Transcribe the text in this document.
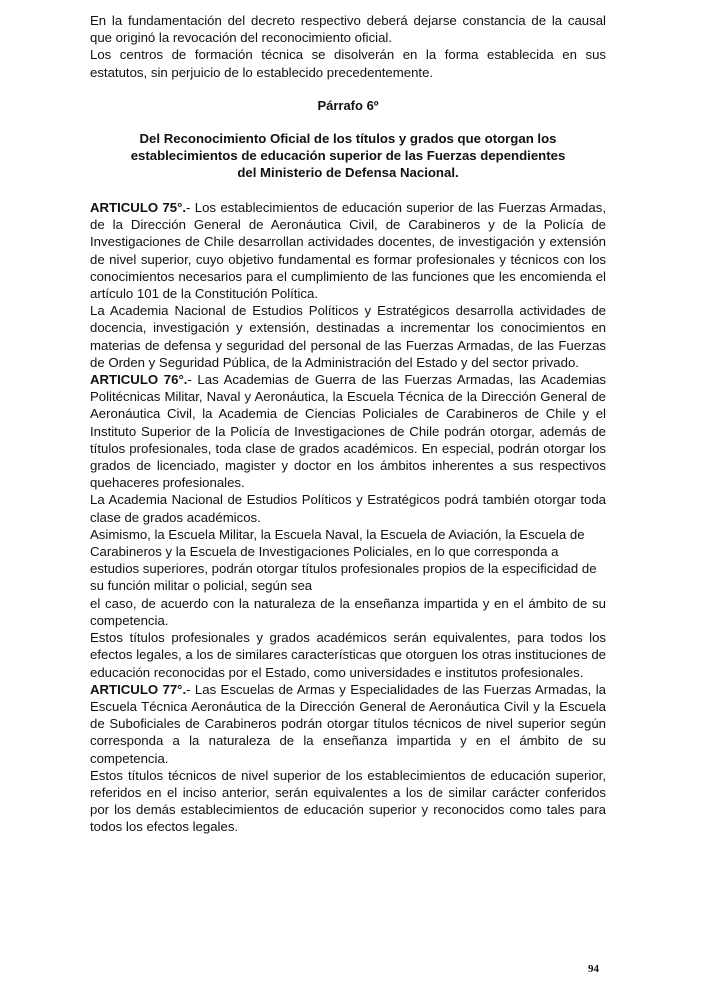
En la fundamentación del decreto respectivo deberá dejarse constancia de la causal que originó la revocación del reconocimiento oficial.

Los centros de formación técnica se disolverán en la forma establecida en sus estatutos, sin perjuicio de lo establecido precedentemente.

Párrafo 6º
Del Reconocimiento Oficial de los títulos y grados que otorgan los
establecimientos de educación superior de las Fuerzas dependientes
del Ministerio de Defensa Nacional.

ARTICULO 75°.- Los establecimientos de educación superior de las Fuerzas Armadas, de la Dirección General de Aeronáutica Civil, de Carabineros y de la Policía de Investigaciones de Chile desarrollan actividades docentes, de investigación y extensión de nivel superior, cuyo objetivo fundamental es formar profesionales y técnicos con los conocimientos necesarios para el cumplimiento de las funciones que les encomienda el artículo 101 de la Constitución Política.

La Academia Nacional de Estudios Políticos y Estratégicos desarrolla actividades de docencia, investigación y extensión, destinadas a incrementar los conocimientos en materias de defensa y seguridad del personal de las Fuerzas Armadas, de las Fuerzas de Orden y Seguridad Pública, de la Administración del Estado y del sector privado.

ARTICULO 76°.- Las Academias de Guerra de las Fuerzas Armadas, las Academias Politécnicas Militar, Naval y Aeronáutica, la Escuela Técnica de la Dirección General de Aeronáutica Civil, la Academia de Ciencias Policiales de Carabineros de Chile y el Instituto Superior de la Policía de Investigaciones de Chile podrán otorgar, además de títulos profesionales, toda clase de grados académicos. En especial, podrán otorgar los grados de licenciado, magister y doctor en los ámbitos inherentes a sus respectivos quehaceres profesionales.

La Academia Nacional de Estudios Políticos y Estratégicos podrá también otorgar toda clase de grados académicos.

Asimismo, la Escuela Militar, la Escuela Naval, la Escuela de Aviación, la Escuela de Carabineros y la Escuela de Investigaciones Policiales, en lo que corresponda a estudios superiores, podrán otorgar títulos profesionales propios de la especificidad de su función militar o policial, según sea

el caso, de acuerdo con la naturaleza de la enseñanza impartida y en el ámbito de su competencia.

Estos títulos profesionales y grados académicos serán equivalentes, para todos los efectos legales, a los de similares características que otorguen los otras instituciones de educación reconocidas por el Estado, como universidades e institutos profesionales.

ARTICULO 77°.- Las Escuelas de Armas y Especialidades de las Fuerzas Armadas, la Escuela Técnica Aeronáutica de la Dirección General de Aeronáutica Civil y la Escuela de Suboficiales de Carabineros podrán otorgar títulos técnicos de nivel superior según corresponda a la naturaleza de la enseñanza impartida y en el ámbito de su competencia.

Estos títulos técnicos de nivel superior de los establecimientos de educación superior, referidos en el inciso anterior, serán equivalentes a los de similar carácter conferidos por los demás establecimientos de educación superior y reconocidos como tales para todos los efectos legales.

94
